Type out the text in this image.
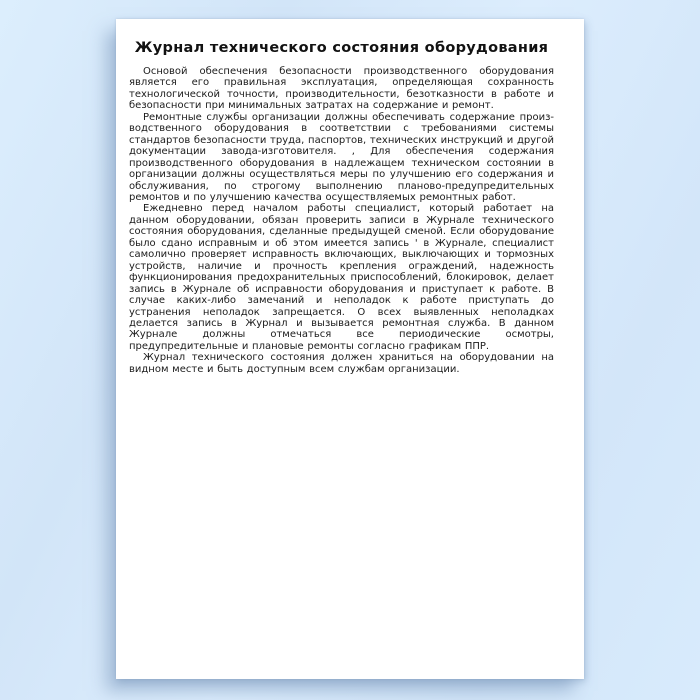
Журнал технического состояния оборудования

Основой обеспечения безопасности производственного оборудования является его правильная эксплуатация, определяющая сохранность технологической точности, производительности, безотказности в работе и безопасности при минимальных затратах на содержание и ремонт.

Ремонтные службы организации должны обеспечивать содержание производственного оборудования в соответствии с требованиями системы стандартов безопасности труда, паспортов, технических инструкций и другой документации завода-изготовителя. , Для обеспечения содержания производственного оборудования в надлежащем техническом состоянии в организации должны осуществляться меры по улучшению его содержания и обслуживания, по строгому выполнению планово-предупредительных ремонтов и по улучшению качества осуществляемых ремонтных работ.

Ежедневно перед началом работы специалист, который работает на данном оборудовании, обязан проверить записи в Журнале технического состояния оборудования, сделанные предыдущей сменой. Если оборудование было сдано исправным и об этом имеется запись ' в Журнале, специалист самолично проверяет исправность включающих, выключающих и тормозных устройств, наличие и прочность крепления ограждений, надежность функционирования предохранительных приспособлений, блокировок, делает запись в Журнале об исправности оборудования и приступает к работе. В случае каких-либо замечаний и неполадок к работе приступать до устранения неполадок запрещается. О всех выявленных неполадках делается запись в Журнал и вызывается ремонтная служба. В данном Журнале должны отмечаться все периодические осмотры, предупредительные и плановые ремонты согласно графикам ППР.

Журнал технического состояния должен храниться на оборудовании на видном месте и быть доступным всем службам организации.
